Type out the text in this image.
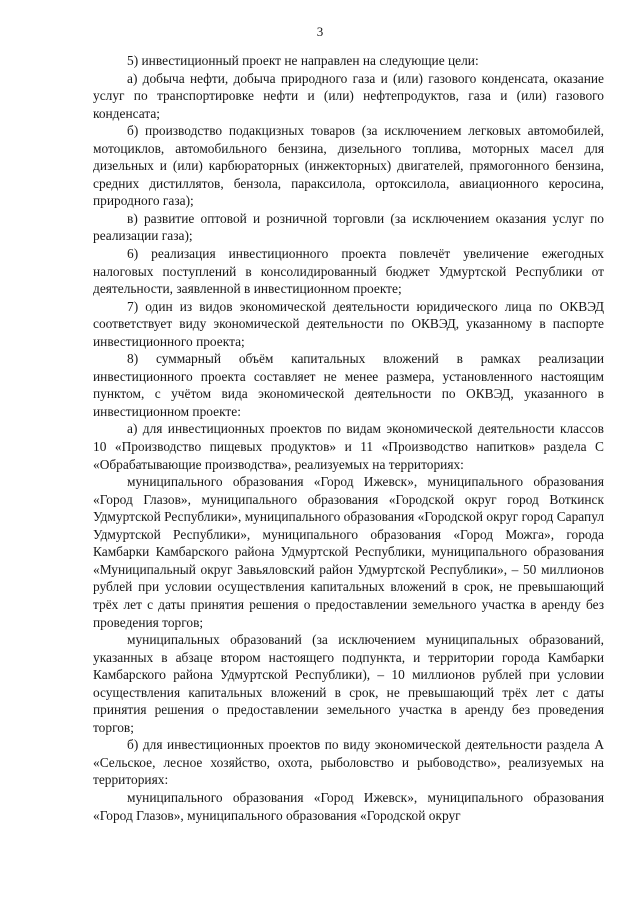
3

5) инвестиционный проект не направлен на следующие цели:

а) добыча нефти, добыча природного газа и (или) газового конденсата, оказание услуг по транспортировке нефти и (или) нефтепродуктов, газа и (или) газового конденсата;

б) производство подакцизных товаров (за исключением легковых автомобилей, мотоциклов, автомобильного бензина, дизельного топлива, моторных масел для дизельных и (или) карбюраторных (инжекторных) двигателей, прямогонного бензина, средних дистиллятов, бензола, параксилола, ортоксилола, авиационного керосина, природного газа);

в) развитие оптовой и розничной торговли (за исключением оказания услуг по реализации газа);

6) реализация инвестиционного проекта повлечёт увеличение ежегодных налоговых поступлений в консолидированный бюджет Удмуртской Республики от деятельности, заявленной в инвестиционном проекте;

7) один из видов экономической деятельности юридического лица по ОКВЭД соответствует виду экономической деятельности по ОКВЭД, указанному в паспорте инвестиционного проекта;

8) суммарный объём капитальных вложений в рамках реализации инвестиционного проекта составляет не менее размера, установленного настоящим пунктом, с учётом вида экономической деятельности по ОКВЭД, указанного в инвестиционном проекте:

а) для инвестиционных проектов по видам экономической деятельности классов 10 «Производство пищевых продуктов» и 11 «Производство напитков» раздела С «Обрабатывающие производства», реализуемых на территориях:

муниципального образования «Город Ижевск», муниципального образования «Город Глазов», муниципального образования «Городской округ город Воткинск Удмуртской Республики», муниципального образования «Городской округ город Сарапул Удмуртской Республики», муниципального образования «Город Можга», города Камбарки Камбарского района Удмуртской Республики, муниципального образования «Муниципальный округ Завьяловский район Удмуртской Республики», – 50 миллионов рублей при условии осуществления капитальных вложений в срок, не превышающий трёх лет с даты принятия решения о предоставлении земельного участка в аренду без проведения торгов;

муниципальных образований (за исключением муниципальных образований, указанных в абзаце втором настоящего подпункта, и территории города Камбарки Камбарского района Удмуртской Республики), – 10 миллионов рублей при условии осуществления капитальных вложений в срок, не превышающий трёх лет с даты принятия решения о предоставлении земельного участка в аренду без проведения торгов;

б) для инвестиционных проектов по виду экономической деятельности раздела А «Сельское, лесное хозяйство, охота, рыболовство и рыбоводство», реализуемых на территориях:

муниципального образования «Город Ижевск», муниципального образования «Город Глазов», муниципального образования «Городской округ
